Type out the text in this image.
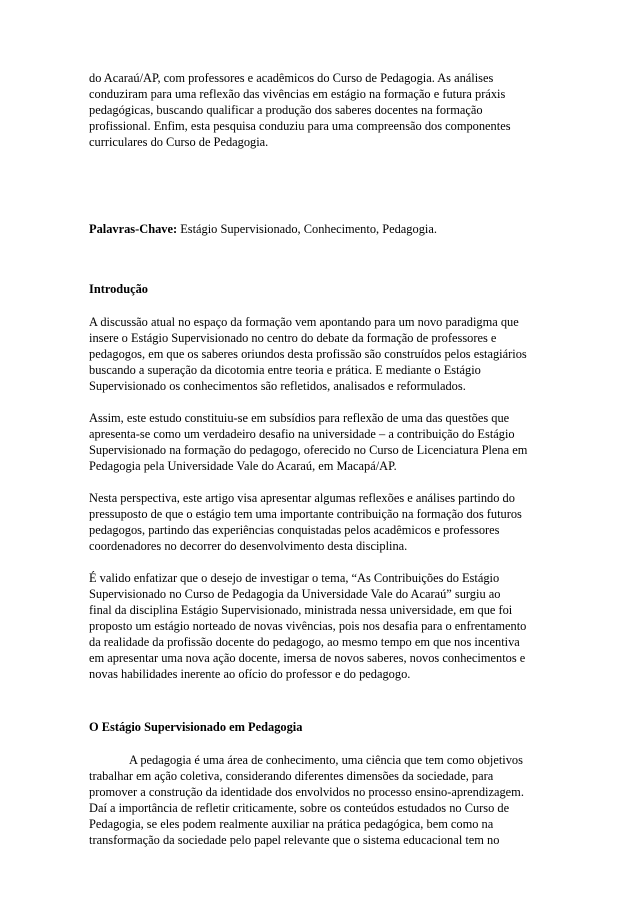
do Acaraú/AP, com professores e acadêmicos do Curso de Pedagogia. As análises
conduziram para uma reflexão das vivências em estágio na formação e futura práxis
pedagógicas, buscando qualificar a produção dos saberes docentes na formação
profissional. Enfim, esta pesquisa conduziu para uma compreensão dos componentes
curriculares do Curso de Pedagogia.
Palavras-Chave: Estágio Supervisionado, Conhecimento, Pedagogia.
Introdução
A discussão atual no espaço da formação vem apontando para um novo paradigma que
insere o Estágio Supervisionado no centro do debate da formação de professores e
pedagogos, em que os saberes oriundos desta profissão são construídos pelos estagiários
buscando a superação da dicotomia entre teoria e prática. E mediante o Estágio
Supervisionado os conhecimentos são refletidos, analisados e reformulados.
Assim, este estudo constituiu-se em subsídios para reflexão de uma das questões que
apresenta-se como um verdadeiro desafio na universidade – a contribuição do Estágio
Supervisionado na formação do pedagogo, oferecido no Curso de Licenciatura Plena em
Pedagogia pela Universidade Vale do Acaraú, em Macapá/AP.
Nesta perspectiva, este artigo visa apresentar algumas reflexões e análises partindo do
pressuposto de que o estágio tem uma importante contribuição na formação dos futuros
pedagogos, partindo das experiências conquistadas pelos acadêmicos e professores
coordenadores no decorrer do desenvolvimento desta disciplina.
É valido enfatizar que o desejo de investigar o tema, “As Contribuições do Estágio
Supervisionado no Curso de Pedagogia da Universidade Vale do Acaraú” surgiu ao
final da disciplina Estágio Supervisionado, ministrada nessa universidade, em que foi
proposto um estágio norteado de novas vivências, pois nos desafia para o enfrentamento
da realidade da profissão docente do pedagogo, ao mesmo tempo em que nos incentiva
em apresentar uma nova ação docente, imersa de novos saberes, novos conhecimentos e
novas habilidades inerente ao ofício do professor e do pedagogo.
O Estágio Supervisionado em Pedagogia
A pedagogia é uma área de conhecimento, uma ciência que tem como objetivos
trabalhar em ação coletiva, considerando diferentes dimensões da sociedade, para
promover a construção da identidade dos envolvidos no processo ensino-aprendizagem.
Daí a importância de refletir criticamente, sobre os conteúdos estudados no Curso de
Pedagogia, se eles podem realmente auxiliar na prática pedagógica, bem como na
transformação da sociedade pelo papel relevante que o sistema educacional tem no
